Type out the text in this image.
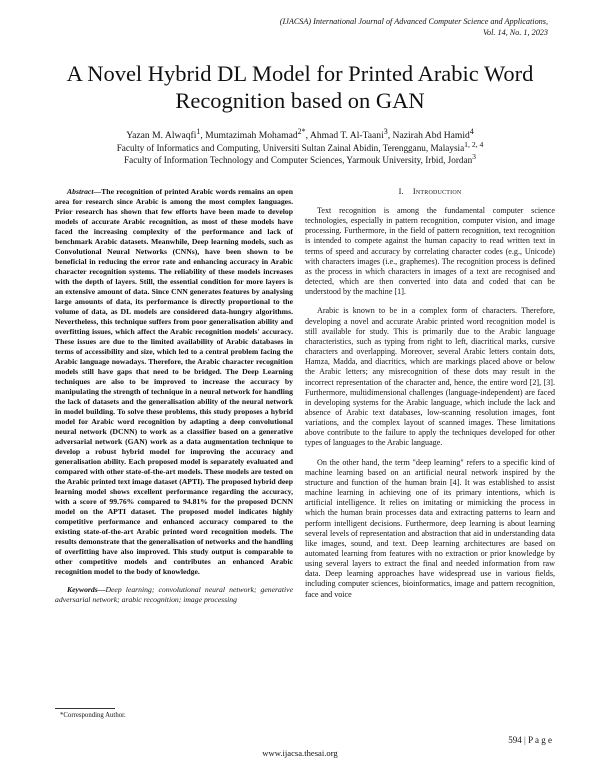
(IJACSA) International Journal of Advanced Computer Science and Applications,
Vol. 14, No. 1, 2023
A Novel Hybrid DL Model for Printed Arabic Word
Recognition based on GAN
Yazan M. Alwaqfi$^1$, Mumtazimah Mohamad$^{2*}$, Ahmad T. Al-Taani$^3$, Nazirah Abd Hamid$^4$
Faculty of Informatics and Computing, Universiti Sultan Zainal Abidin, Terengganu, Malaysia$^{1, 2, 4}$
Faculty of Information Technology and Computer Sciences, Yarmouk University, Irbid, Jordan$^3$

Abstract—The recognition of printed Arabic words remains an open area for research since Arabic is among the most complex languages. Prior research has shown that few efforts have been made to develop models of accurate Arabic recognition, as most of these models have faced the increasing complexity of the performance and lack of benchmark Arabic datasets. Meanwhile, Deep learning models, such as Convolutional Neural Networks (CNNs), have been shown to be beneficial in reducing the error rate and enhancing accuracy in Arabic character recognition systems. The reliability of these models increases with the depth of layers. Still, the essential condition for more layers is an extensive amount of data. Since CNN generates features by analysing large amounts of data, its performance is directly proportional to the volume of data, as DL models are considered data-hungry algorithms. Nevertheless, this technique suffers from poor generalisation ability and overfitting issues, which affect the Arabic recognition models' accuracy. These issues are due to the limited availability of Arabic databases in terms of accessibility and size, which led to a central problem facing the Arabic language nowadays. Therefore, the Arabic character recognition models still have gaps that need to be bridged. The Deep Learning techniques are also to be improved to increase the accuracy by manipulating the strength of technique in a neural network for handling the lack of datasets and the generalisation ability of the neural network in model building. To solve these problems, this study proposes a hybrid model for Arabic word recognition by adapting a deep convolutional neural network (DCNN) to work as a classifier based on a generative adversarial network (GAN) work as a data augmentation technique to develop a robust hybrid model for improving the accuracy and generalisation ability. Each proposed model is separately evaluated and compared with other state-of-the-art models. These models are tested on the Arabic printed text image dataset (APTI). The proposed hybrid deep learning model shows excellent performance regarding the accuracy, with a score of 99.76% compared to 94.81% for the proposed DCNN model on the APTI dataset. The proposed model indicates highly competitive performance and enhanced accuracy compared to the existing state-of-the-art Arabic printed word recognition models. The results demonstrate that the generalisation of networks and the handling of overfitting have also improved. This study output is comparable to other competitive models and contributes an enhanced Arabic recognition model to the body of knowledge.

Keywords—Deep learning; convolutional neural network; generative adversarial network; arabic recognition; image processing

I. Introduction

Text recognition is among the fundamental computer science technologies, especially in pattern recognition, computer vision, and image processing. Furthermore, in the field of pattern recognition, text recognition is intended to compete against the human capacity to read written text in terms of speed and accuracy by correlating character codes (e.g., Unicode) with characters images (i.e., graphemes). The recognition process is defined as the process in which characters in images of a text are recognised and detected, which are then converted into data and coded that can be understood by the machine [1].

Arabic is known to be in a complex form of characters. Therefore, developing a novel and accurate Arabic printed word recognition model is still available for study. This is primarily due to the Arabic language characteristics, such as typing from right to left, diacritical marks, cursive characters and overlapping. Moreover, several Arabic letters contain dots, Hamza, Madda, and diacritics, which are markings placed above or below the Arabic letters; any misrecognition of these dots may result in the incorrect representation of the character and, hence, the entire word [2], [3]. Furthermore, multidimensional challenges (language-independent) are faced in developing systems for the Arabic language, which include the lack and absence of Arabic text databases, low-scanning resolution images, font variations, and the complex layout of scanned images. These limitations above contribute to the failure to apply the techniques developed for other types of languages to the Arabic language.

On the other hand, the term "deep learning" refers to a specific kind of machine learning based on an artificial neural network inspired by the structure and function of the human brain [4]. It was established to assist machine learning in achieving one of its primary intentions, which is artificial intelligence. It relies on imitating or mimicking the process in which the human brain processes data and extracting patterns to learn and perform intelligent decisions. Furthermore, deep learning is about learning several levels of representation and abstraction that aid in understanding data like images, sound, and text. Deep learning architectures are based on automated learning from features with no extraction or prior knowledge by using several layers to extract the final and needed information from raw data. Deep learning approaches have widespread use in various fields, including computer sciences, bioinformatics, image and pattern recognition, face and voice

*Corresponding Author.
594 | P a g e
www.ijacsa.thesai.org
